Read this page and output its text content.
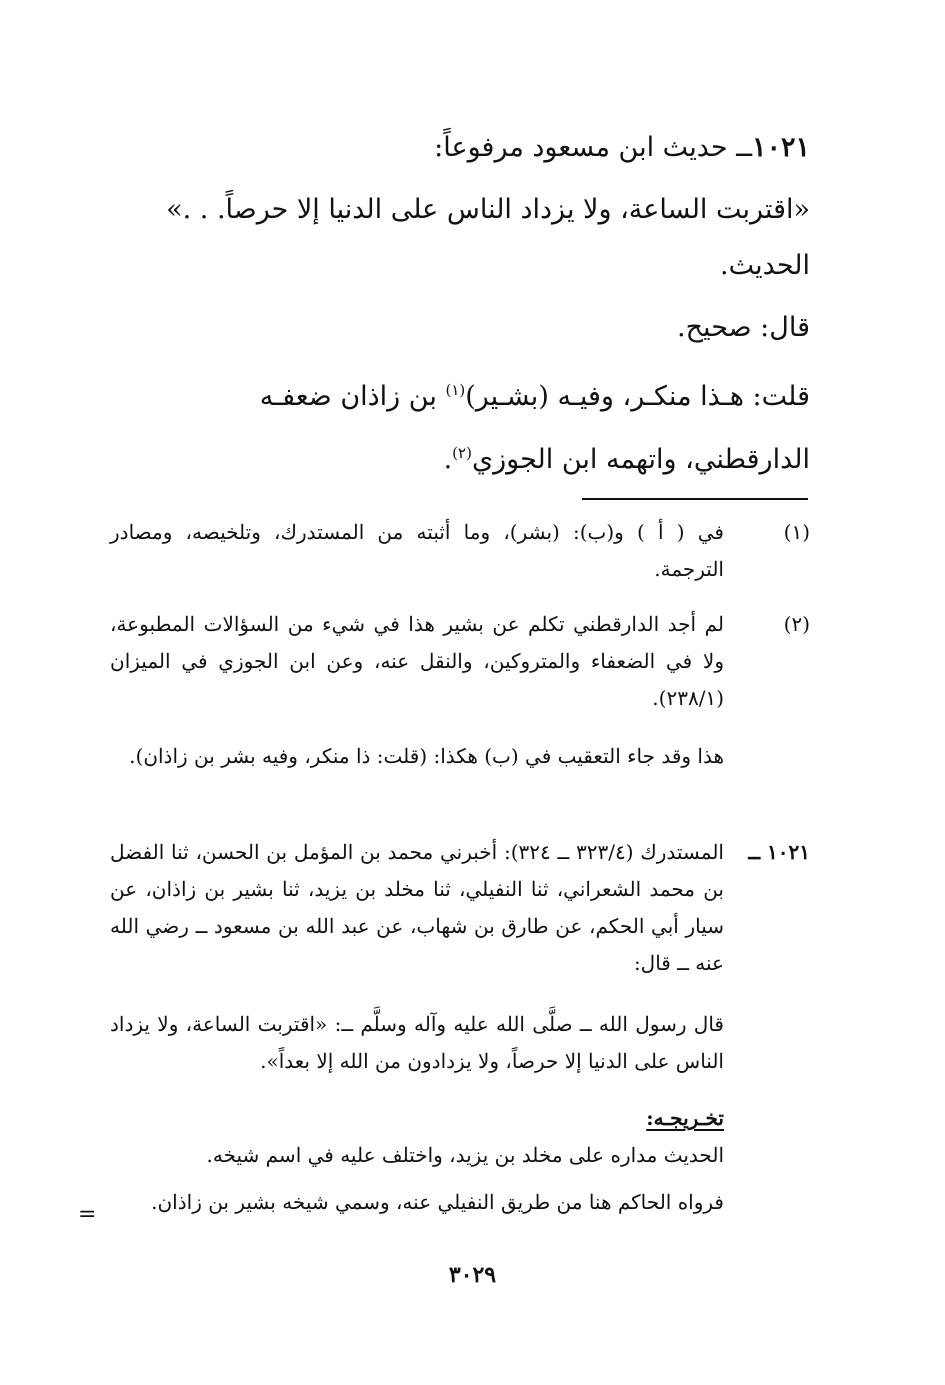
١٠٢١ــ حديث ابن مسعود مرفوعاً:
«اقتربت الساعة، ولا يزداد الناس على الدنيا إلا حرصاً. . .»
الحديث.
قال: صحيح.
قلت: هـذا منكـر، وفيـه (بشـير)$^{(١)}$ بن زاذان ضعفـه
الدارقطني، واتهمه ابن الجوزي$^{(٢)}$.
(١)
في ( أ ) و(ب): (بشر)، وما أثبته من المستدرك، وتلخيصه، ومصادر الترجمة.
(٢)
لم أجد الدارقطني تكلم عن بشير هذا في شيء من السؤالات المطبوعة، ولا في الضعفاء والمتروكين، والنقل عنه، وعن ابن الجوزي في الميزان (٢٣٨/١).
هذا وقد جاء التعقيب في (ب) هكذا: (قلت: ذا منكر، وفيه بشر بن زاذان).
١٠٢١ ــ
المستدرك (٣٢٣/٤ ــ ٣٢٤): أخبرني محمد بن المؤمل بن الحسن، ثنا الفضل بن محمد الشعراني، ثنا النفيلي، ثنا مخلد بن يزيد، ثنا بشير بن زاذان، عن سيار أبي الحكم، عن طارق بن شهاب، عن عبد الله بن مسعود ــ رضي الله عنه ــ قال:
قال رسول الله ــ صلَّى الله عليه وآله وسلَّم ــ: «اقتربت الساعة، ولا يزداد الناس على الدنيا إلا حرصاً، ولا يزدادون من الله إلا بعداً».
تخـريجـه:
الحديث مداره على مخلد بن يزيد، واختلف عليه في اسم شيخه.
فرواه الحاكم هنا من طريق النفيلي عنه، وسمي شيخه بشير بن زاذان.
=
٣٠٢٩
